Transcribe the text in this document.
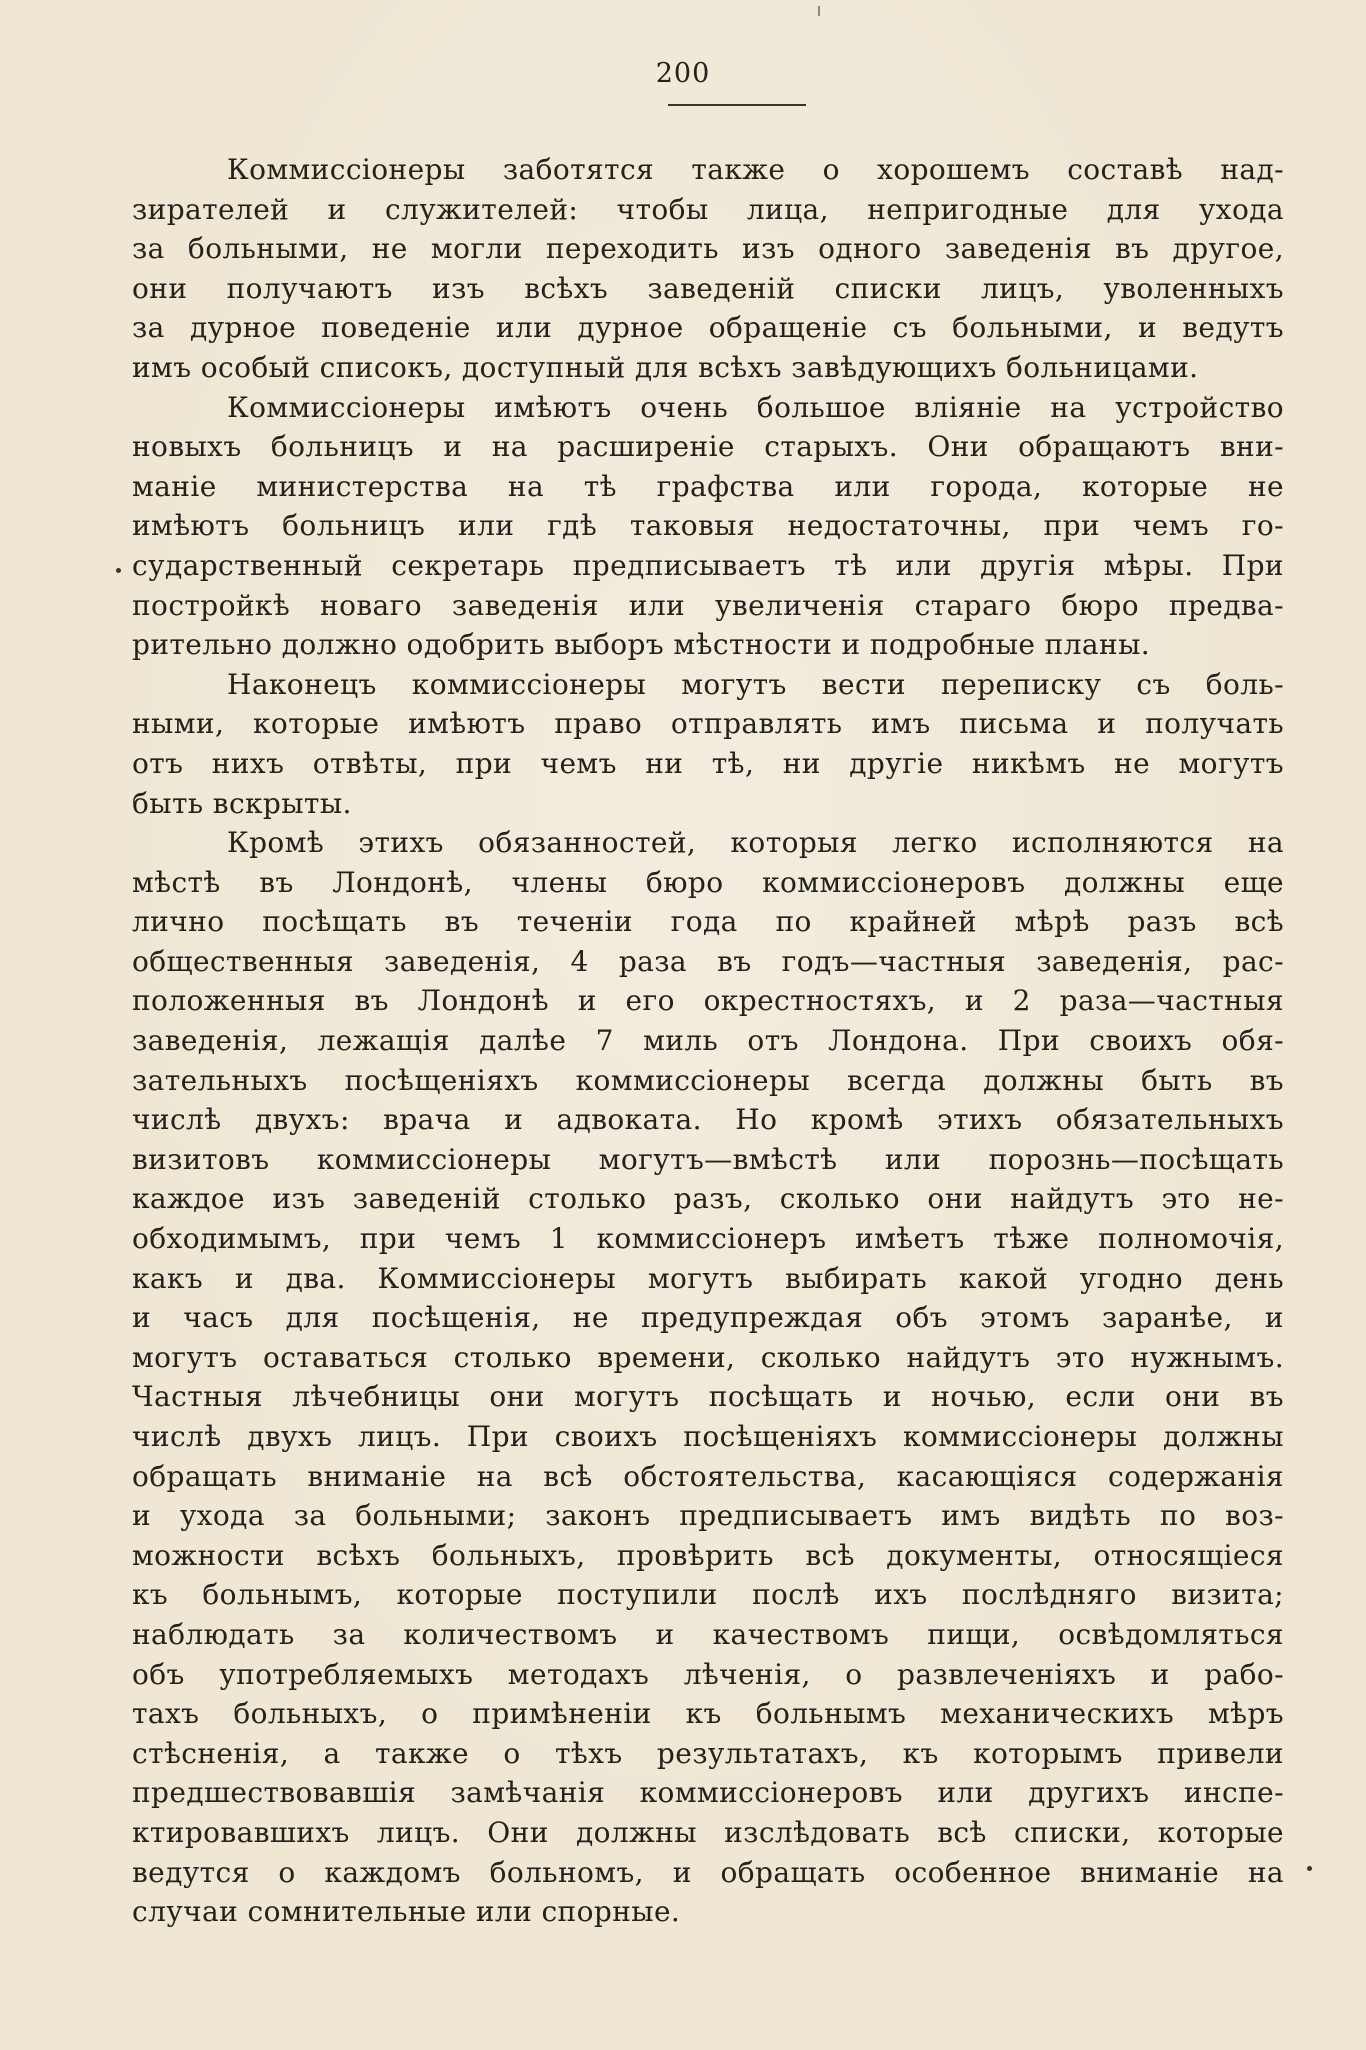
200
Коммиссіонеры заботятся также о хорошемъ составѣ над-
зирателей и служителей: чтобы лица, непригодные для ухода
за больными, не могли переходить изъ одного заведенія въ другое,
они получаютъ изъ всѣхъ заведеній списки лицъ, уволенныхъ
за дурное поведеніе или дурное обращеніе съ больными, и ведутъ
имъ особый списокъ, доступный для всѣхъ завѣдующихъ больницами.
Коммиссіонеры имѣютъ очень большое вліяніе на устройство
новыхъ больницъ и на расширеніе старыхъ. Они обращаютъ вни-
маніе министерства на тѣ графства или города, которые не
имѣютъ больницъ или гдѣ таковыя недостаточны, при чемъ го-
сударственный секретарь предписываетъ тѣ или другія мѣры. При
постройкѣ новаго заведенія или увеличенія стараго бюро предва-
рительно должно одобрить выборъ мѣстности и подробные планы.
Наконецъ коммиссіонеры могутъ вести переписку съ боль-
ными, которые имѣютъ право отправлять имъ письма и получать
отъ нихъ отвѣты, при чемъ ни тѣ, ни другіе никѣмъ не могутъ
быть вскрыты.
Кромѣ этихъ обязанностей, которыя легко исполняются на
мѣстѣ въ Лондонѣ, члены бюро коммиссіонеровъ должны еще
лично посѣщать въ теченіи года по крайней мѣрѣ разъ всѣ
общественныя заведенія, 4 раза въ годъ—частныя заведенія, рас-
положенныя въ Лондонѣ и его окрестностяхъ, и 2 раза—частныя
заведенія, лежащія далѣе 7 миль отъ Лондона. При своихъ обя-
зательныхъ посѣщеніяхъ коммиссіонеры всегда должны быть въ
числѣ двухъ: врача и адвоката. Но кромѣ этихъ обязательныхъ
визитовъ коммиссіонеры могутъ—вмѣстѣ или порознь—посѣщать
каждое изъ заведеній столько разъ, сколько они найдутъ это не-
обходимымъ, при чемъ 1 коммиссіонеръ имѣетъ тѣже полномочія,
какъ и два. Коммиссіонеры могутъ выбирать какой угодно день
и часъ для посѣщенія, не предупреждая объ этомъ заранѣе, и
могутъ оставаться столько времени, сколько найдутъ это нужнымъ.
Частныя лѣчебницы они могутъ посѣщать и ночью, если они въ
числѣ двухъ лицъ. При своихъ посѣщеніяхъ коммиссіонеры должны
обращать вниманіе на всѣ обстоятельства, касающіяся содержанія
и ухода за больными; законъ предписываетъ имъ видѣть по воз-
можности всѣхъ больныхъ, провѣрить всѣ документы, относящіеся
къ больнымъ, которые поступили послѣ ихъ послѣдняго визита;
наблюдать за количествомъ и качествомъ пищи, освѣдомляться
объ употребляемыхъ методахъ лѣченія, о развлеченіяхъ и рабо-
тахъ больныхъ, о примѣненіи къ больнымъ механическихъ мѣръ
стѣсненія, а также о тѣхъ результатахъ, къ которымъ привели
предшествовавшія замѣчанія коммиссіонеровъ или другихъ инспе-
ктировавшихъ лицъ. Они должны изслѣдовать всѣ списки, которые
ведутся о каждомъ больномъ, и обращать особенное вниманіе на
случаи сомнительные или спорные.
